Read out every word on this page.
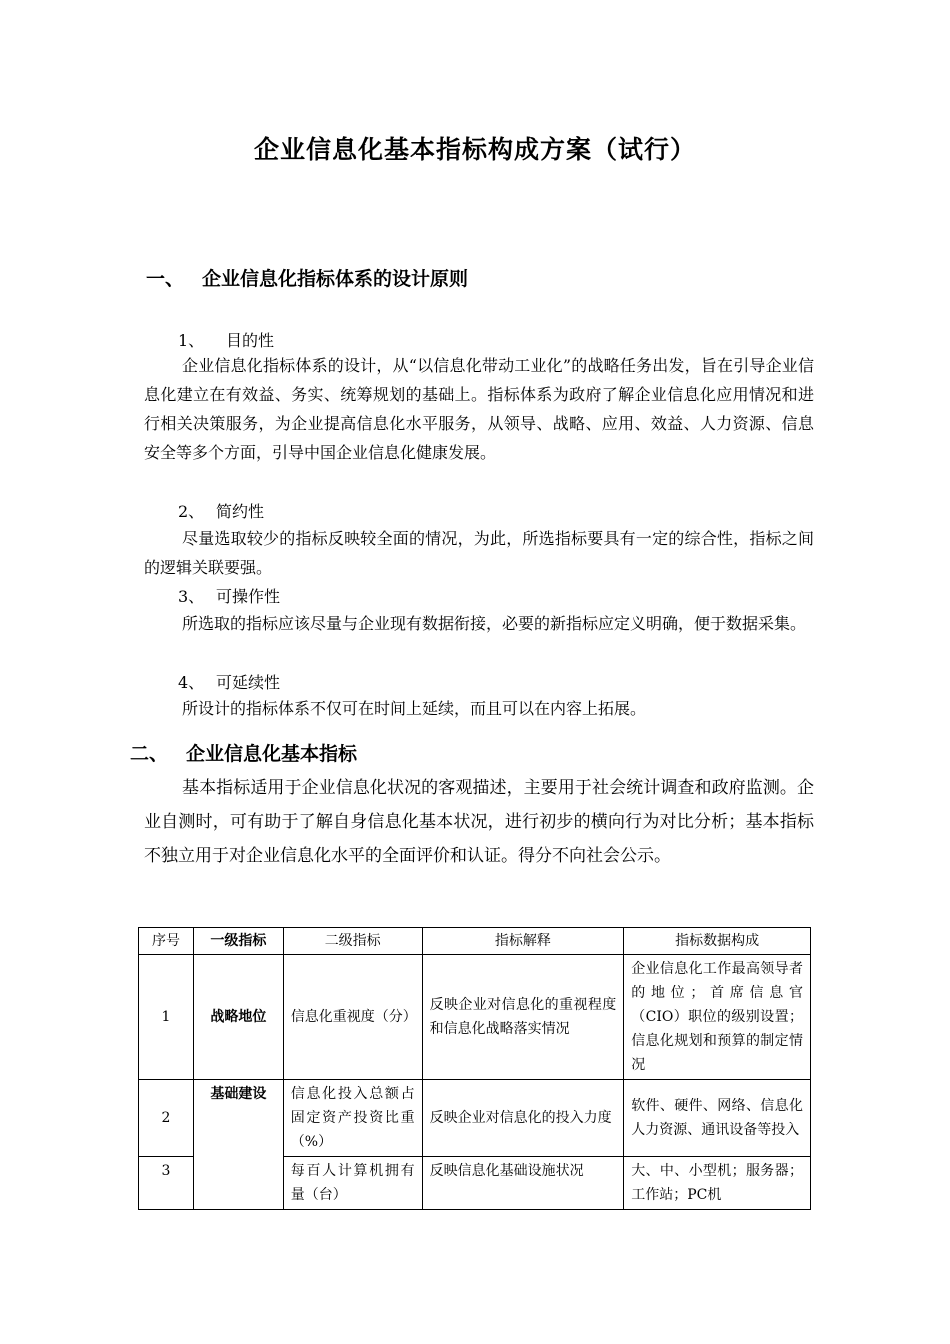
企业信息化基本指标构成方案（试行）
一、 企业信息化指标体系的设计原则
1、 目的性
企业信息化指标体系的设计，从“以信息化带动工业化”的战略任务出发，旨在引导企业信息化建立在有效益、务实、统筹规划的基础上。指标体系为政府了解企业信息化应用情况和进行相关决策服务，为企业提高信息化水平服务，从领导、战略、应用、效益、人力资源、信息安全等多个方面，引导中国企业信息化健康发展。
2、 简约性
尽量选取较少的指标反映较全面的情况，为此，所选指标要具有一定的综合性，指标之间的逻辑关联要强。
3、 可操作性
所选取的指标应该尽量与企业现有数据衔接，必要的新指标应定义明确，便于数据采集。
4、 可延续性
所设计的指标体系不仅可在时间上延续，而且可以在内容上拓展。
二、 企业信息化基本指标
基本指标适用于企业信息化状况的客观描述，主要用于社会统计调查和政府监测。企业自测时，可有助于了解自身信息化基本状况，进行初步的横向行为对比分析；基本指标不独立用于对企业信息化水平的全面评价和认证。得分不向社会公示。
序号	一级指标	二级指标	指标解释	指标数据构成
1	战略地位	信息化重视度（分）	反映企业对信息化的重视程度和信息化战略落实情况	企业信息化工作最高领导者的地位；首席信息官（CIO）职位的级别设置；信息化规划和预算的制定情况
2	基础建设	信息化投入总额占固定资产投资比重（%）	反映企业对信息化的投入力度	软件、硬件、网络、信息化人力资源、通讯设备等投入
3		每百人计算机拥有量（台）	反映信息化基础设施状况	大、中、小型机；服务器；工作站；PC机
